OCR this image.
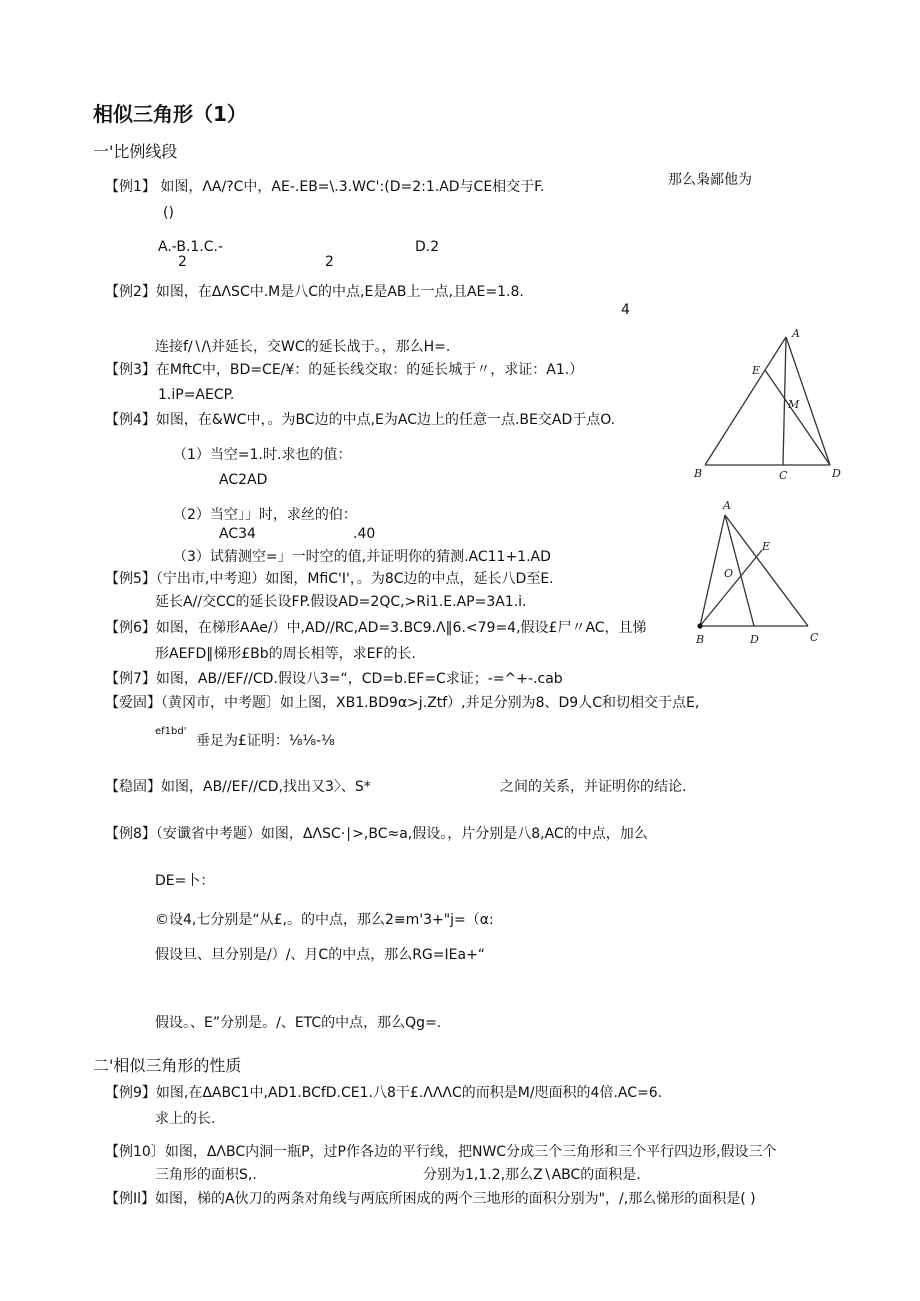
相似三角形（1）
一'比例线段
【例1】 如图，ΛΑ∕?C中，AE-.EB=\.3.WC':(D=2:1.AD与CE相交于F.	那么枭鄙他为
()
A.-B.1.C.-	D.2
2	2
【例2】如图，在ΔΛSC中.M是八C的中点,E是AB上一点,且AE=1.8.
4
连接f∕∖∕\并延长，交WC的延长战于。，那么H=.
【例3】在MftC中，BD=CE/¥：的延长线交取：的延长城于〃，求证：A1.）
1.iP=AECP.
【例4】如图，在&WC中，。为BC边的中点,E为AC边上的任意一点.BE交AD于点O.
（1）当空=1.时.求也的值：
AC2AD
（2）当空」」时，求丝的伯：
AC34	.40
（3）试猜测空=」一时空的值,并证明你的猜测.AC11+1.AD
【例5】（宁出市,中考迎）如图，MfiC'I'，。为8C边的中点，延长八D至E.
延长A//交CC的延长设FP.假设AD=2QC,>Ri1.E.AP=3A1.i.
【例6】如图，在梯形AAe/）中,AD//RC,AD=3.BC9.Λ‖6.<79=4,假设£尸〃AC，且悌
形AEFD‖梯形£Bb的周长相等，求EF的长.
【例7】如图，AB//EF//CD.假设八3=“，CD=b.EF=C求证；-=^+-.cab
【爱固】（黄冈市，中考题〕如上图，XB1.BD9α>j.Ztf）,并足分别为8、D9人C和切相交于点E,
ef1bd'
垂足为£证明：⅛⅛-⅛
【稳固】如图，AB//EF//CD,找出又3〉、S*	之间的关系，并证明你的结论.
【例8】（安谶省中考题）如图，ΔΛSC·∣>,BC≈a,假设。，片分别是八8,AC的中点，加么
DE=卜：
©设4,七分别是“从£,。的中点，那么2≡m'3+"j=（α:
假设旦、旦分别是/）/、月C的中点，那么RG=IEa+“
假设。、E”分别是。/、ETC的中点，那么Qg=.
二'相似三角形的性质
【例9】如图,在ΔABC1中,AD1.BCfD.CE1.八8干£.ΛΛΛC的而积是M/咫面积的4倍.AC=6.
求上的长.
【例10〕如图，ΔΛBC内洞一瓶P，过P作各边的平行线，把NWC分成三个三角形和三个平行四边形,假设三个
三角形的面枳S,.	分别为1,1.2,那么Z∖ABC的面积是.
【例Il】如图，梯的A伙刀的两条对角线与两底所困成的两个三地形的面积分别为"，/,那么悌形的面积是( )
A
E
M
B	C	D
A
E
O
B	D	C
